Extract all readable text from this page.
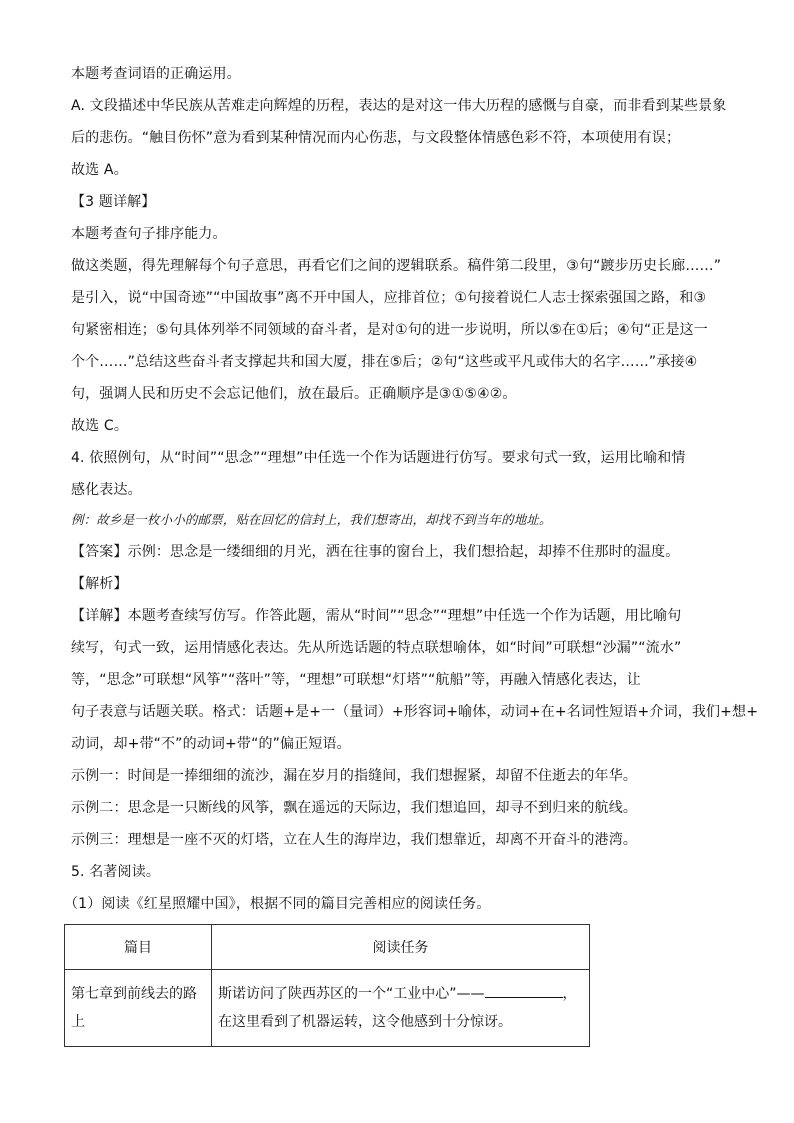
本题考查词语的正确运用。
A. 文段描述中华民族从苦难走向辉煌的历程，表达的是对这一伟大历程的感慨与自豪，而非看到某些景象
后的悲伤。“触目伤怀”意为看到某种情况而内心伤悲，与文段整体情感色彩不符，本项使用有误；
故选 A。
【3 题详解】
本题考查句子排序能力。
做这类题，得先理解每个句子意思，再看它们之间的逻辑联系。稿件第二段里，③句“踱步历史长廊……”
是引入，说“中国奇迹”“中国故事”离不开中国人，应排首位；①句接着说仁人志士探索强国之路，和③
句紧密相连；⑤句具体列举不同领域的奋斗者，是对①句的进一步说明，所以⑤在①后；④句“正是这一
个个……”总结这些奋斗者支撑起共和国大厦，排在⑤后；②句“这些或平凡或伟大的名字……”承接④
句，强调人民和历史不会忘记他们，放在最后。正确顺序是③①⑤④②。
故选 C。
4. 依照例句，从“时间”“思念”“理想”中任选一个作为话题进行仿写。要求句式一致，运用比喻和情
感化表达。
例：故乡是一枚小小的邮票，贴在回忆的信封上，我们想寄出，却找不到当年的地址。
【答案】示例：思念是一缕细细的月光，洒在往事的窗台上，我们想拾起，却捧不住那时的温度。
【解析】
【详解】本题考查续写仿写。作答此题，需从“时间”“思念”“理想”中任选一个作为话题，用比喻句
续写，句式一致，运用情感化表达。先从所选话题的特点联想喻体，如“时间”可联想“沙漏”“流水”
等，“思念”可联想“风筝”“落叶”等，“理想”可联想“灯塔”“航船”等，再融入情感化表达，让
句子表意与话题关联。格式：话题+是+一（量词）+形容词+喻体，动词+在+名词性短语+介词，我们+想+
动词，却+带“不”的动词+带“的”偏正短语。
示例一：时间是一捧细细的流沙，漏在岁月的指缝间，我们想握紧，却留不住逝去的年华。
示例二：思念是一只断线的风筝，飘在遥远的天际边，我们想追回，却寻不到归来的航线。
示例三：理想是一座不灭的灯塔，立在人生的海岸边，我们想靠近，却离不开奋斗的港湾。
5. 名著阅读。
（1）阅读《红星照耀中国》，根据不同的篇目完善相应的阅读任务。
篇目	阅读任务
第七章到前线去的路上	斯诺访问了陕西苏区的一个“工业中心”—— ，
在这里看到了机器运转，这令他感到十分惊讶。
